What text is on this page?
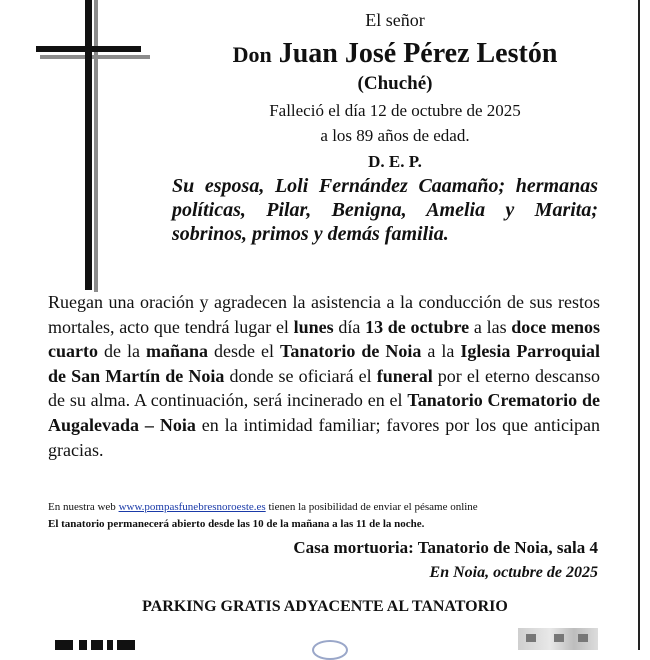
El señor
Don Juan José Pérez Lestón
(Chuché)
Falleció el día 12 de octubre de 2025
a los 89 años de edad.
D. E. P.
Su esposa, Loli Fernández Caamaño; hermanas políticas, Pilar, Benigna, Amelia y Marita; sobrinos, primos y demás familia.
Ruegan una oración y agradecen la asistencia a la conducción de sus restos mortales, acto que tendrá lugar el lunes día 13 de octubre a las doce menos cuarto de la mañana desde el Tanatorio de Noia a la Iglesia Parroquial de San Martín de Noia donde se oficiará el funeral por el eterno descanso de su alma. A continuación, será incinerado en el Tanatorio Crematorio de Augalevada – Noia en la intimidad familiar; favores por los que anticipan gracias.
En nuestra web www.pompasfunebresnoroeste.es tienen la posibilidad de enviar el pésame online
El tanatorio permanecerá abierto desde las 10 de la mañana a las 11 de la noche.
Casa mortuoria: Tanatorio de Noia, sala 4
En Noia, octubre de 2025
PARKING GRATIS ADYACENTE AL TANATORIO
